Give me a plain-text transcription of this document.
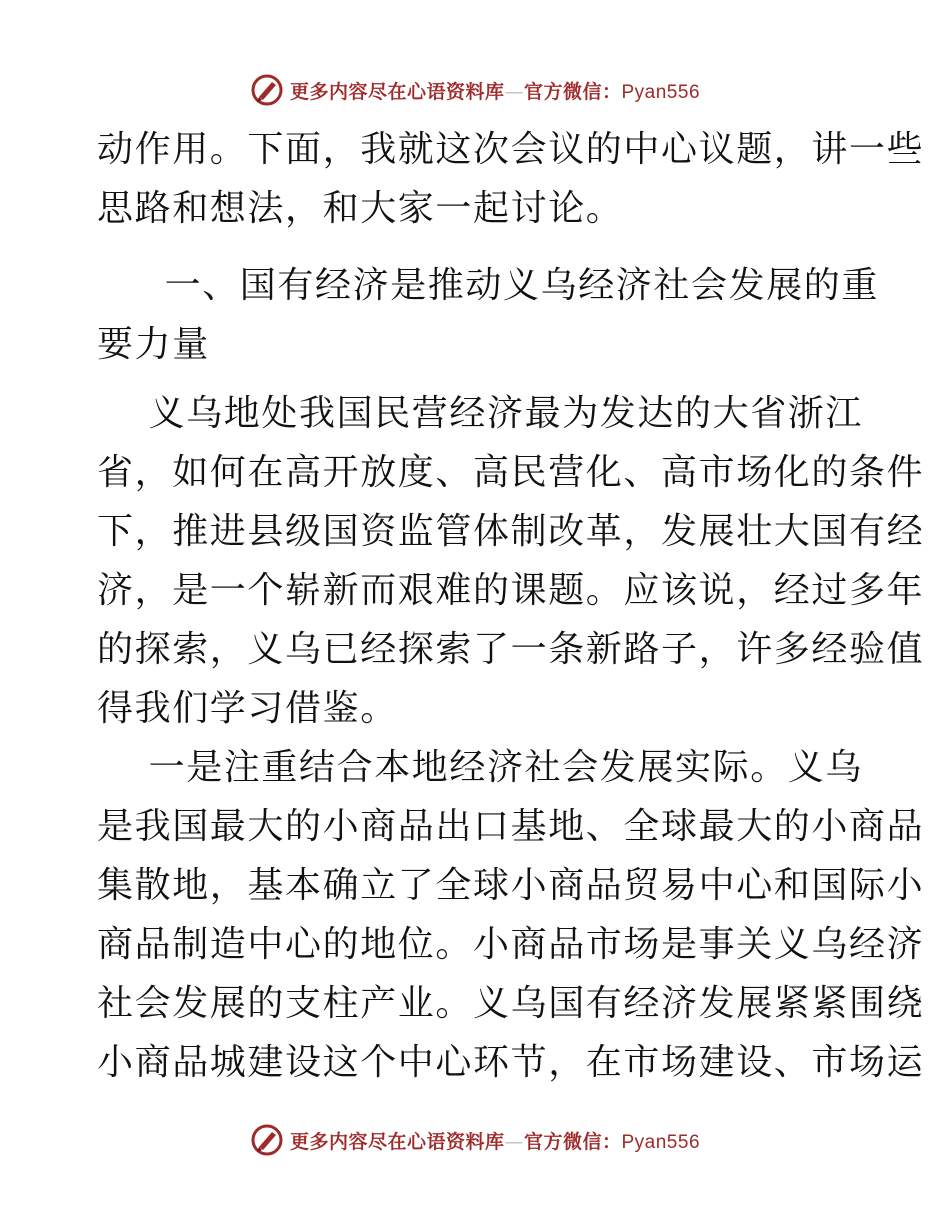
更多内容尽在心语资料库—官方微信：Pyan556
动作用。下面，我就这次会议的中心议题，讲一些
思路和想法，和大家一起讨论。
　一、国有经济是推动义乌经济社会发展的重
要力量
　义乌地处我国民营经济最为发达的大省浙江
省，如何在高开放度、高民营化、高市场化的条件
下，推进县级国资监管体制改革，发展壮大国有经
济，是一个崭新而艰难的课题。应该说，经过多年
的探索，义乌已经探索了一条新路子，许多经验值
得我们学习借鉴。
　一是注重结合本地经济社会发展实际。义乌
是我国最大的小商品出口基地、全球最大的小商品
集散地，基本确立了全球小商品贸易中心和国际小
商品制造中心的地位。小商品市场是事关义乌经济
社会发展的支柱产业。义乌国有经济发展紧紧围绕
小商品城建设这个中心环节，在市场建设、市场运
更多内容尽在心语资料库—官方微信：Pyan556
